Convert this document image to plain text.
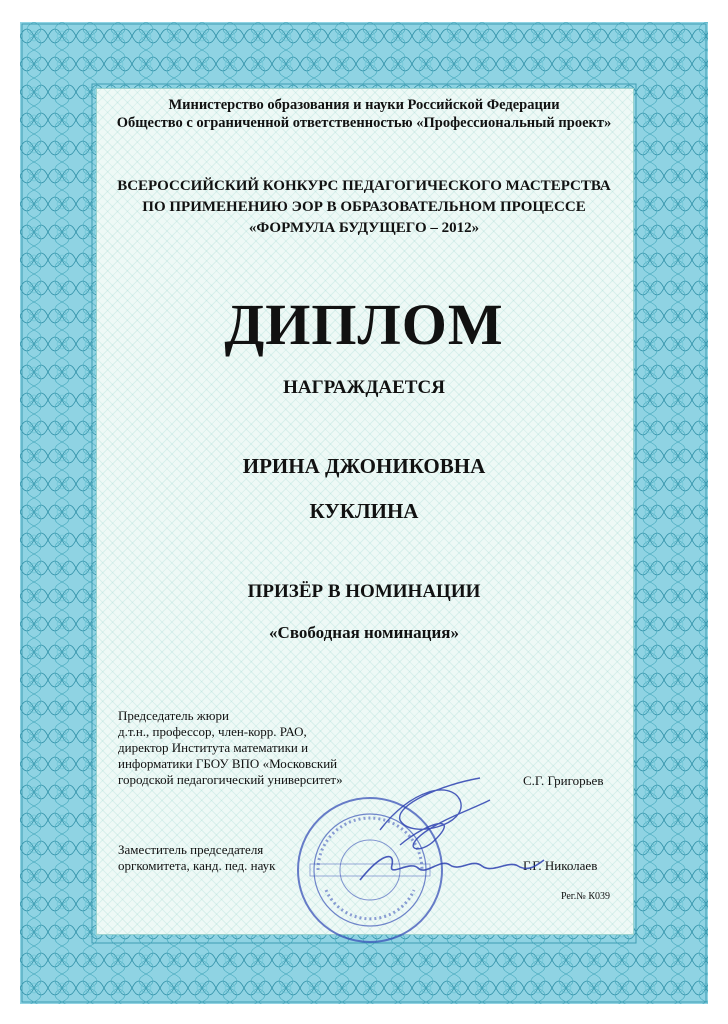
Министерство образования и науки Российской Федерации
Общество с ограниченной ответственностью «Профессиональный проект»
ВСЕРОССИЙСКИЙ КОНКУРС ПЕДАГОГИЧЕСКОГО МАСТЕРСТВА
ПО ПРИМЕНЕНИЮ ЭОР В ОБРАЗОВАТЕЛЬНОМ ПРОЦЕССЕ
«ФОРМУЛА БУДУЩЕГО – 2012»
ДИПЛОМ
НАГРАЖДАЕТСЯ
ИРИНА ДЖОНИКОВНА
КУКЛИНА
ПРИЗЁР В НОМИНАЦИИ
«Свободная номинация»
Председатель жюри
д.т.н., профессор, член-корр. РАО,
директор Института математики и
информатики ГБОУ ВПО «Московский
городской педагогический университет»	С.Г. Григорьев
Заместитель председателя
оргкомитета, канд. пед. наук	Г.Г. Николаев
Рег.№ К039
